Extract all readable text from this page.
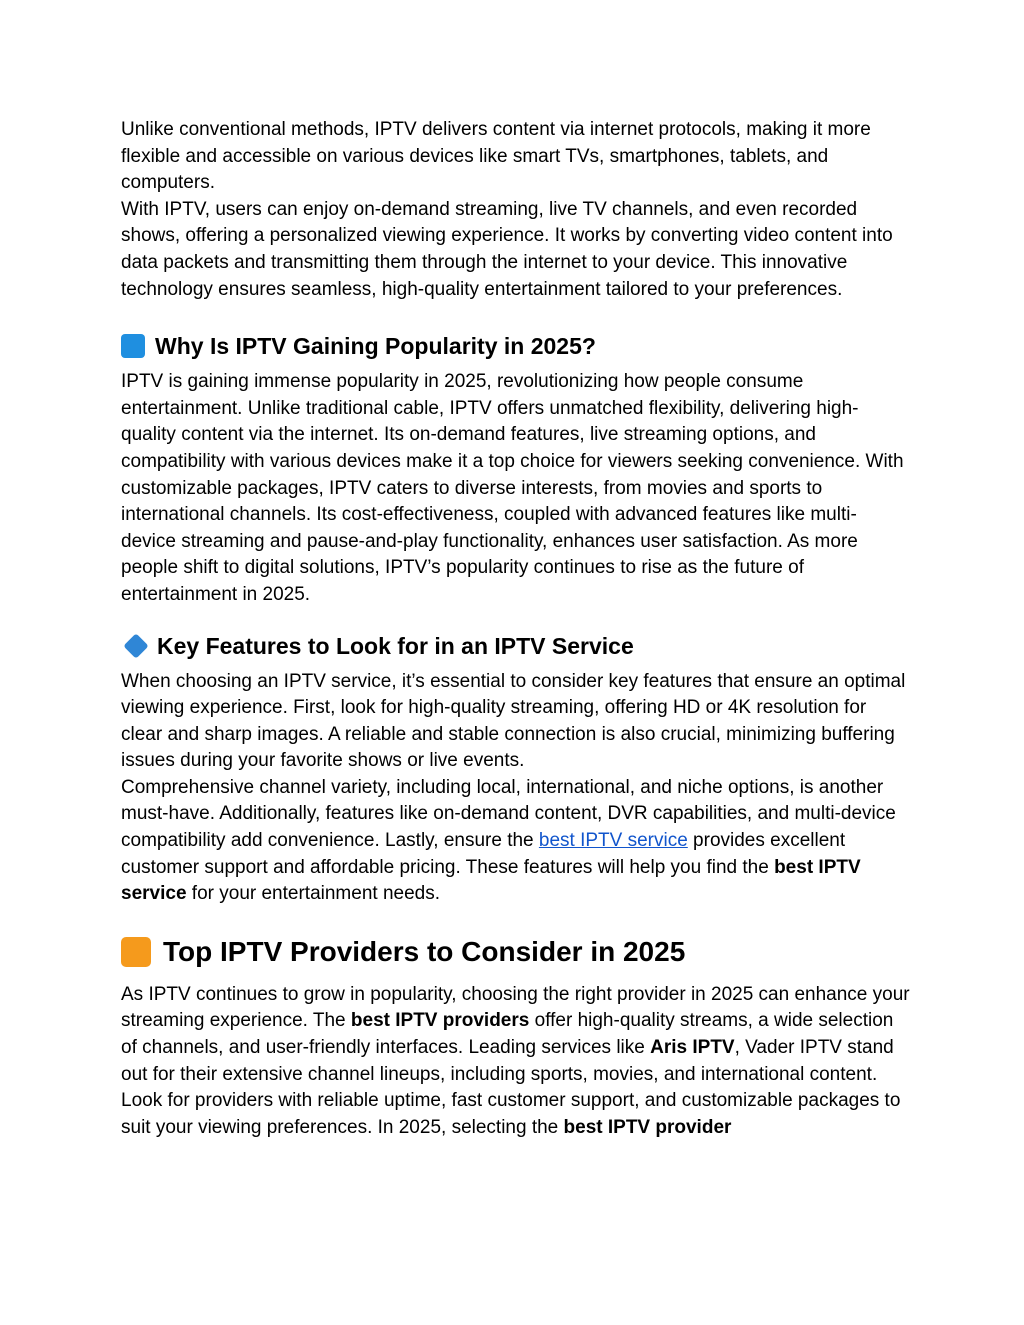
Unlike conventional methods, IPTV delivers content via internet protocols, making it more flexible and accessible on various devices like smart TVs, smartphones, tablets, and computers.

With IPTV, users can enjoy on-demand streaming, live TV channels, and even recorded shows, offering a personalized viewing experience. It works by converting video content into data packets and transmitting them through the internet to your device. This innovative technology ensures seamless, high-quality entertainment tailored to your preferences.

Why Is IPTV Gaining Popularity in 2025?

IPTV is gaining immense popularity in 2025, revolutionizing how people consume entertainment. Unlike traditional cable, IPTV offers unmatched flexibility, delivering high-quality content via the internet. Its on-demand features, live streaming options, and compatibility with various devices make it a top choice for viewers seeking convenience. With customizable packages, IPTV caters to diverse interests, from movies and sports to international channels. Its cost-effectiveness, coupled with advanced features like multi-device streaming and pause-and-play functionality, enhances user satisfaction. As more people shift to digital solutions, IPTV’s popularity continues to rise as the future of entertainment in 2025.

Key Features to Look for in an IPTV Service

When choosing an IPTV service, it’s essential to consider key features that ensure an optimal viewing experience. First, look for high-quality streaming, offering HD or 4K resolution for clear and sharp images. A reliable and stable connection is also crucial, minimizing buffering issues during your favorite shows or live events.

Comprehensive channel variety, including local, international, and niche options, is another must-have. Additionally, features like on-demand content, DVR capabilities, and multi-device compatibility add convenience. Lastly, ensure the best IPTV service provides excellent customer support and affordable pricing. These features will help you find the best IPTV service for your entertainment needs.

Top IPTV Providers to Consider in 2025

As IPTV continues to grow in popularity, choosing the right provider in 2025 can enhance your streaming experience. The best IPTV providers offer high-quality streams, a wide selection of channels, and user-friendly interfaces. Leading services like Aris IPTV, Vader IPTV stand out for their extensive channel lineups, including sports, movies, and international content.

Look for providers with reliable uptime, fast customer support, and customizable packages to suit your viewing preferences. In 2025, selecting the best IPTV provider
